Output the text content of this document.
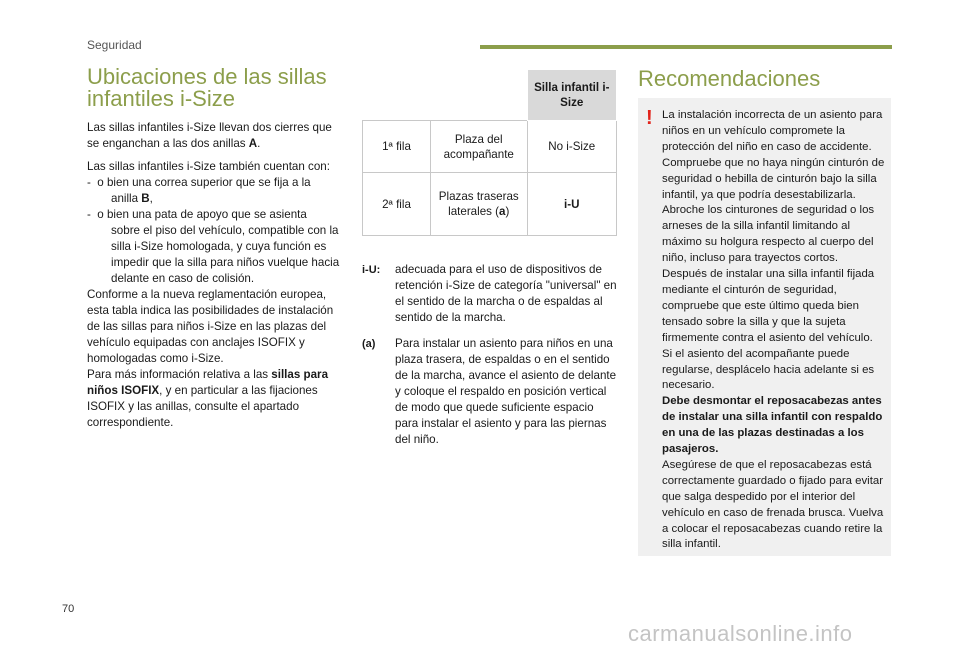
Seguridad
Ubicaciones de las sillas
infantiles i-Size

Las sillas infantiles i-Size llevan dos cierres que se enganchan a las dos anillas A.

Las sillas infantiles i-Size también cuentan con:

-  o bien una correa superior que se fija a la
anilla B,

-  o bien una pata de apoyo que se asienta
sobre el piso del vehículo, compatible con la silla i-Size homologada, y cuya función es impedir que la silla para niños vuelque hacia delante en caso de colisión.

Conforme a la nueva reglamentación europea, esta tabla indica las posibilidades de instalación de las sillas para niños i-Size en las plazas del vehículo equipadas con anclajes ISOFIX y homologadas como i-Size.

Para más información relativa a las sillas para niños ISOFIX, y en particular a las fijaciones ISOFIX y las anillas, consulte el apartado correspondiente.

		Silla infantil i-Size
1ª fila	Plaza del acompañante	No i-Size
2ª fila	Plazas traseras laterales (a)	i-U
i-U:	adecuada para el uso de dispositivos de retención i-Size de categoría "universal" en el sentido de la marcha o de espaldas al sentido de la marcha.
(a)	Para instalar un asiento para niños en una plaza trasera, de espaldas o en el sentido de la marcha, avance el asiento de delante y coloque el respaldo en posición vertical de modo que quede suficiente espacio para instalar el asiento y para las piernas del niño.
Recomendaciones
! La instalación incorrecta de un asiento para niños en un vehículo compromete la protección del niño en caso de accidente.
Compruebe que no haya ningún cinturón de seguridad o hebilla de cinturón bajo la silla infantil, ya que podría desestabilizarla.
Abroche los cinturones de seguridad o los arneses de la silla infantil limitando al máximo su holgura respecto al cuerpo del niño, incluso para trayectos cortos.
Después de instalar una silla infantil fijada mediante el cinturón de seguridad, compruebe que este último queda bien tensado sobre la silla y que la sujeta firmemente contra el asiento del vehículo.
Si el asiento del acompañante puede regularse, desplácelo hacia adelante si es necesario.
Debe desmontar el reposacabezas antes de instalar una silla infantil con respaldo en una de las plazas destinadas a los pasajeros.
Asegúrese de que el reposacabezas está correctamente guardado o fijado para evitar que salga despedido por el interior del vehículo en caso de frenada brusca. Vuelva a colocar el reposacabezas cuando retire la silla infantil.
70
carmanualsonline.info
